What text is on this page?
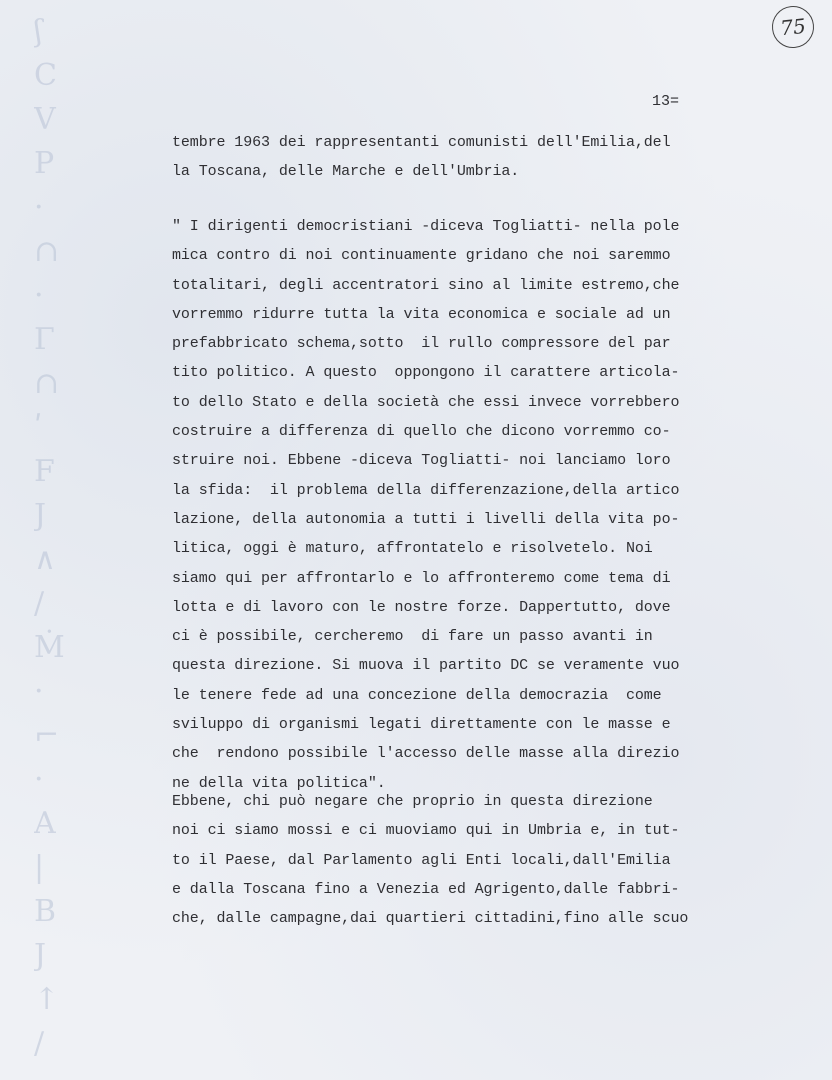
ʃ
C
V
P
·
∩
·
Γ
∩
ʹ
F
J
∧
/
Ṁ
·
⌐
·
A
|
B
Ϳ
↑
/
75
13=
tembre 1963 dei rappresentanti comunisti dell'Emilia,del
la Toscana, delle Marche e dell'Umbria.
" I dirigenti democristiani -diceva Togliatti- nella pole
mica contro di noi continuamente gridano che noi saremmo
totalitari, degli accentratori sino al limite estremo,che
vorremmo ridurre tutta la vita economica e sociale ad un
prefabbricato schema,sotto  il rullo compressore del par
tito politico. A questo  oppongono il carattere articola-
to dello Stato e della società che essi invece vorrebbero
costruire a differenza di quello che dicono vorremmo co-
struire noi. Ebbene -diceva Togliatti- noi lanciamo loro
la sfida:  il problema della differenzazione,della artico
lazione, della autonomia a tutti i livelli della vita po-
litica, oggi è maturo, affrontatelo e risolvetelo. Noi
siamo qui per affrontarlo e lo affronteremo come tema di
lotta e di lavoro con le nostre forze. Dappertutto, dove
ci è possibile, cercheremo  di fare un passo avanti in
questa direzione. Si muova il partito DC se veramente vuo
le tenere fede ad una concezione della democrazia  come
sviluppo di organismi legati direttamente con le masse e
che  rendono possibile l'accesso delle masse alla direzio
ne della vita politica".
Ebbene, chi può negare che proprio in questa direzione
noi ci siamo mossi e ci muoviamo qui in Umbria e, in tut-
to il Paese, dal Parlamento agli Enti locali,dall'Emilia
e dalla Toscana fino a Venezia ed Agrigento,dalle fabbri-
che, dalle campagne,dai quartieri cittadini,fino alle scuo
